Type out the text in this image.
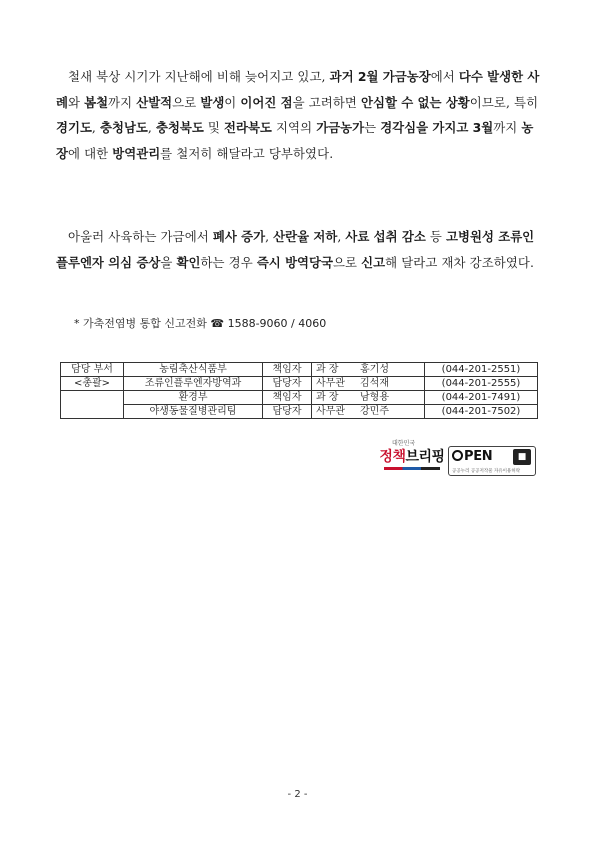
철새 북상 시기가 지난해에 비해 늦어지고 있고, 과거 2월 가금농장에서 다수 발생한 사례와 봄철까지 산발적으로 발생이 이어진 점을 고려하면 안심할 수 없는 상황이므로, 특히 경기도, 충청남도, 충청북도 및 전라북도 지역의 가금농가는 경각심을 가지고 3월까지 농장에 대한 방역관리를 철저히 해달라고 당부하였다.
아울러 사육하는 가금에서 폐사 증가, 산란율 저하, 사료 섭취 감소 등 고병원성 조류인플루엔자 의심 증상을 확인하는 경우 즉시 방역당국으로 신고해 달라고 재차 강조하였다.
* 가축전염병 통합 신고전화 ☎ 1588-9060 / 4060
담당 부서	농림축산식품부	책임자	과 장 홍기성	(044-201-2551)
<총괄>	조류인플루엔자방역과	담당자	사무관 김석재	(044-201-2555)
	환경부	책임자	과 장 남형용	(044-201-7491)
	야생동물질병관리팀	담당자	사무관 강민주	(044-201-7502)
대한민국
정책브리핑	PEN	■
공공누리 공공저작물 자유이용허락
- 2 -
